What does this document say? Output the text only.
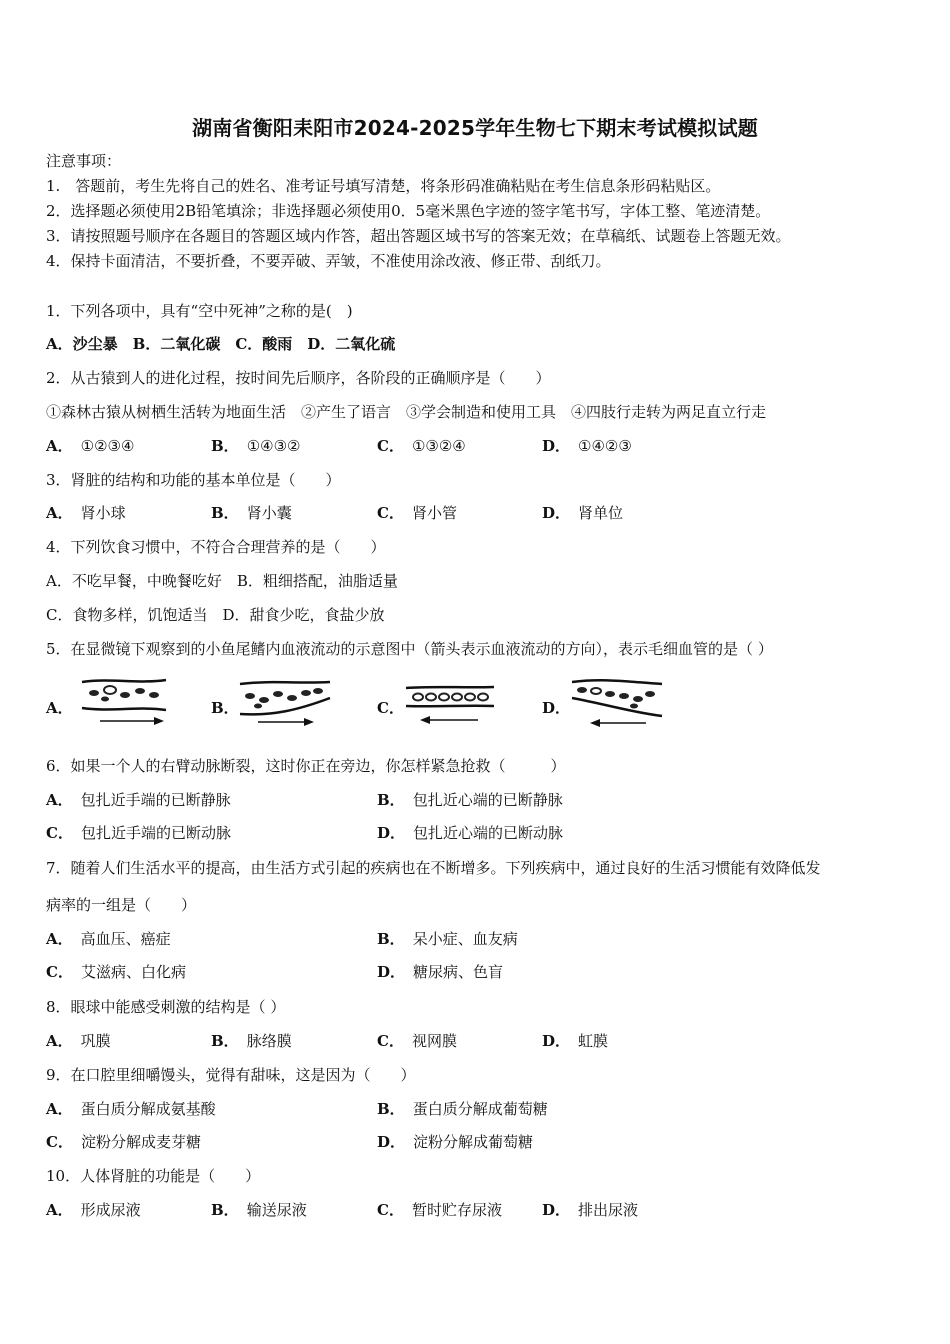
湖南省衡阳耒阳市2024-2025学年生物七下期末考试模拟试题
注意事项：
1.　答题前，考生先将自己的姓名、准考证号填写清楚，将条形码准确粘贴在考生信息条形码粘贴区。
2．选择题必须使用2B铅笔填涂；非选择题必须使用0．5毫米黑色字迹的签字笔书写，字体工整、笔迹清楚。
3．请按照题号顺序在各题目的答题区域内作答，超出答题区域书写的答案无效；在草稿纸、试题卷上答题无效。
4．保持卡面清洁，不要折叠，不要弄破、弄皱，不准使用涂改液、修正带、刮纸刀。
1．下列各项中，具有“空中死神”之称的是(　)
A．沙尘暴　B．二氧化碳　C．酸雨　D．二氧化硫
2．从古猿到人的进化过程，按时间先后顺序，各阶段的正确顺序是（　　）
①森林古猿从树栖生活转为地面生活　②产生了语言　③学会制造和使用工具　④四肢行走转为两足直立行走
A． ①②③④	B． ①④③②	C． ①③②④	D． ①④②③
3．肾脏的结构和功能的基本单位是（　　）
A． 肾小球	B． 肾小囊	C． 肾小管	D． 肾单位
4．下列饮食习惯中，不符合合理营养的是（　　）
A．不吃早餐，中晚餐吃好　B．粗细搭配，油脂适量
C．食物多样，饥饱适当　D．甜食少吃，食盐少放
5．在显微镜下观察到的小鱼尾鳍内血液流动的示意图中（箭头表示血液流动的方向），表示毛细血管的是（ ）
A．	B．	C．	D．
6．如果一个人的右臂动脉断裂，这时你正在旁边，你怎样紧急抢救（　　　）
A． 包扎近手端的已断静脉	B． 包扎近心端的已断静脉
C． 包扎近手端的已断动脉	D． 包扎近心端的已断动脉
7．随着人们生活水平的提高，由生活方式引起的疾病也在不断增多。下列疾病中，通过良好的生活习惯能有效降低发
病率的一组是（　　）
A． 高血压、癌症	B． 呆小症、血友病
C． 艾滋病、白化病	D． 糖尿病、色盲
8．眼球中能感受刺激的结构是（ ）
A． 巩膜	B． 脉络膜	C． 视网膜	D． 虹膜
9．在口腔里细嚼馒头，觉得有甜味，这是因为（　　）
A． 蛋白质分解成氨基酸	B． 蛋白质分解成葡萄糖
C． 淀粉分解成麦芽糖	D． 淀粉分解成葡萄糖
10．人体肾脏的功能是（　　）
A． 形成尿液	B． 输送尿液	C． 暂时贮存尿液	D． 排出尿液
